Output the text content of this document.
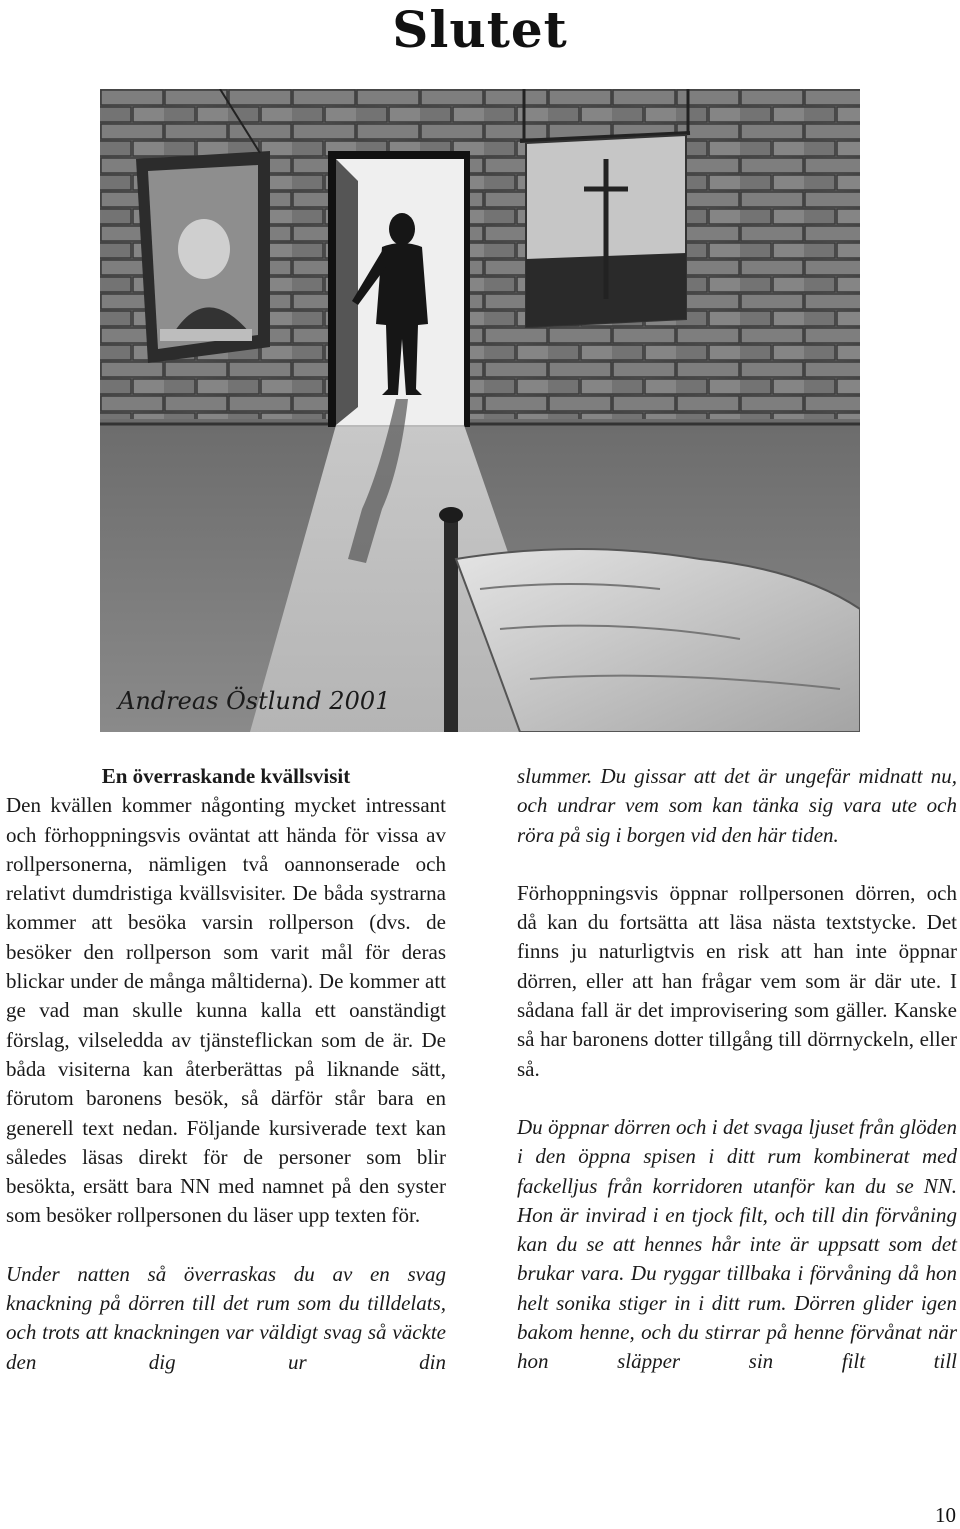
Slutet
Andreas Östlund 2001

En överraskande kvällsvisit

Den kvällen kommer någonting mycket intressant och förhoppningsvis oväntat att hända för vissa av rollpersonerna, nämligen två oannonserade och relativt dumdristiga kvällsvisiter. De båda systrarna kommer att besöka varsin rollperson (dvs. de besöker den rollperson som varit mål för deras blickar under de många måltiderna). De kommer att ge vad man skulle kunna kalla ett oanständigt förslag, vilseledda av tjänsteflickan som de är. De båda visiterna kan återberättas på liknande sätt, förutom baronens besök, så därför står bara en generell text nedan. Följande kursiverade text kan således läsas direkt för de personer som blir besökta, ersätt bara NN med namnet på den syster som besöker rollpersonen du läser upp texten för.

Under natten så överraskas du av en svag knackning på dörren till det rum som du tilldelats, och trots att knackningen var väldigt svag så väckte den dig ur din

slummer. Du gissar att det är ungefär midnatt nu, och undrar vem som kan tänka sig vara ute och röra på sig i borgen vid den här tiden.

Förhoppningsvis öppnar rollpersonen dörren, och då kan du fortsätta att läsa nästa textstycke. Det finns ju naturligtvis en risk att han inte öppnar dörren, eller att han frågar vem som är där ute. I sådana fall är det improvisering som gäller. Kanske så har baronens dotter tillgång till dörrnyckeln, eller så.

Du öppnar dörren och i det svaga ljuset från glöden i den öppna spisen i ditt rum kombinerat med fackelljus från korridoren utanför kan du se NN. Hon är invirad i en tjock filt, och till din förvåning kan du se att hennes hår inte är uppsatt som det brukar vara. Du ryggar tillbaka i förvåning då hon helt sonika stiger in i ditt rum. Dörren glider igen bakom henne, och du stirrar på henne förvånat när hon släpper sin filt till

10
